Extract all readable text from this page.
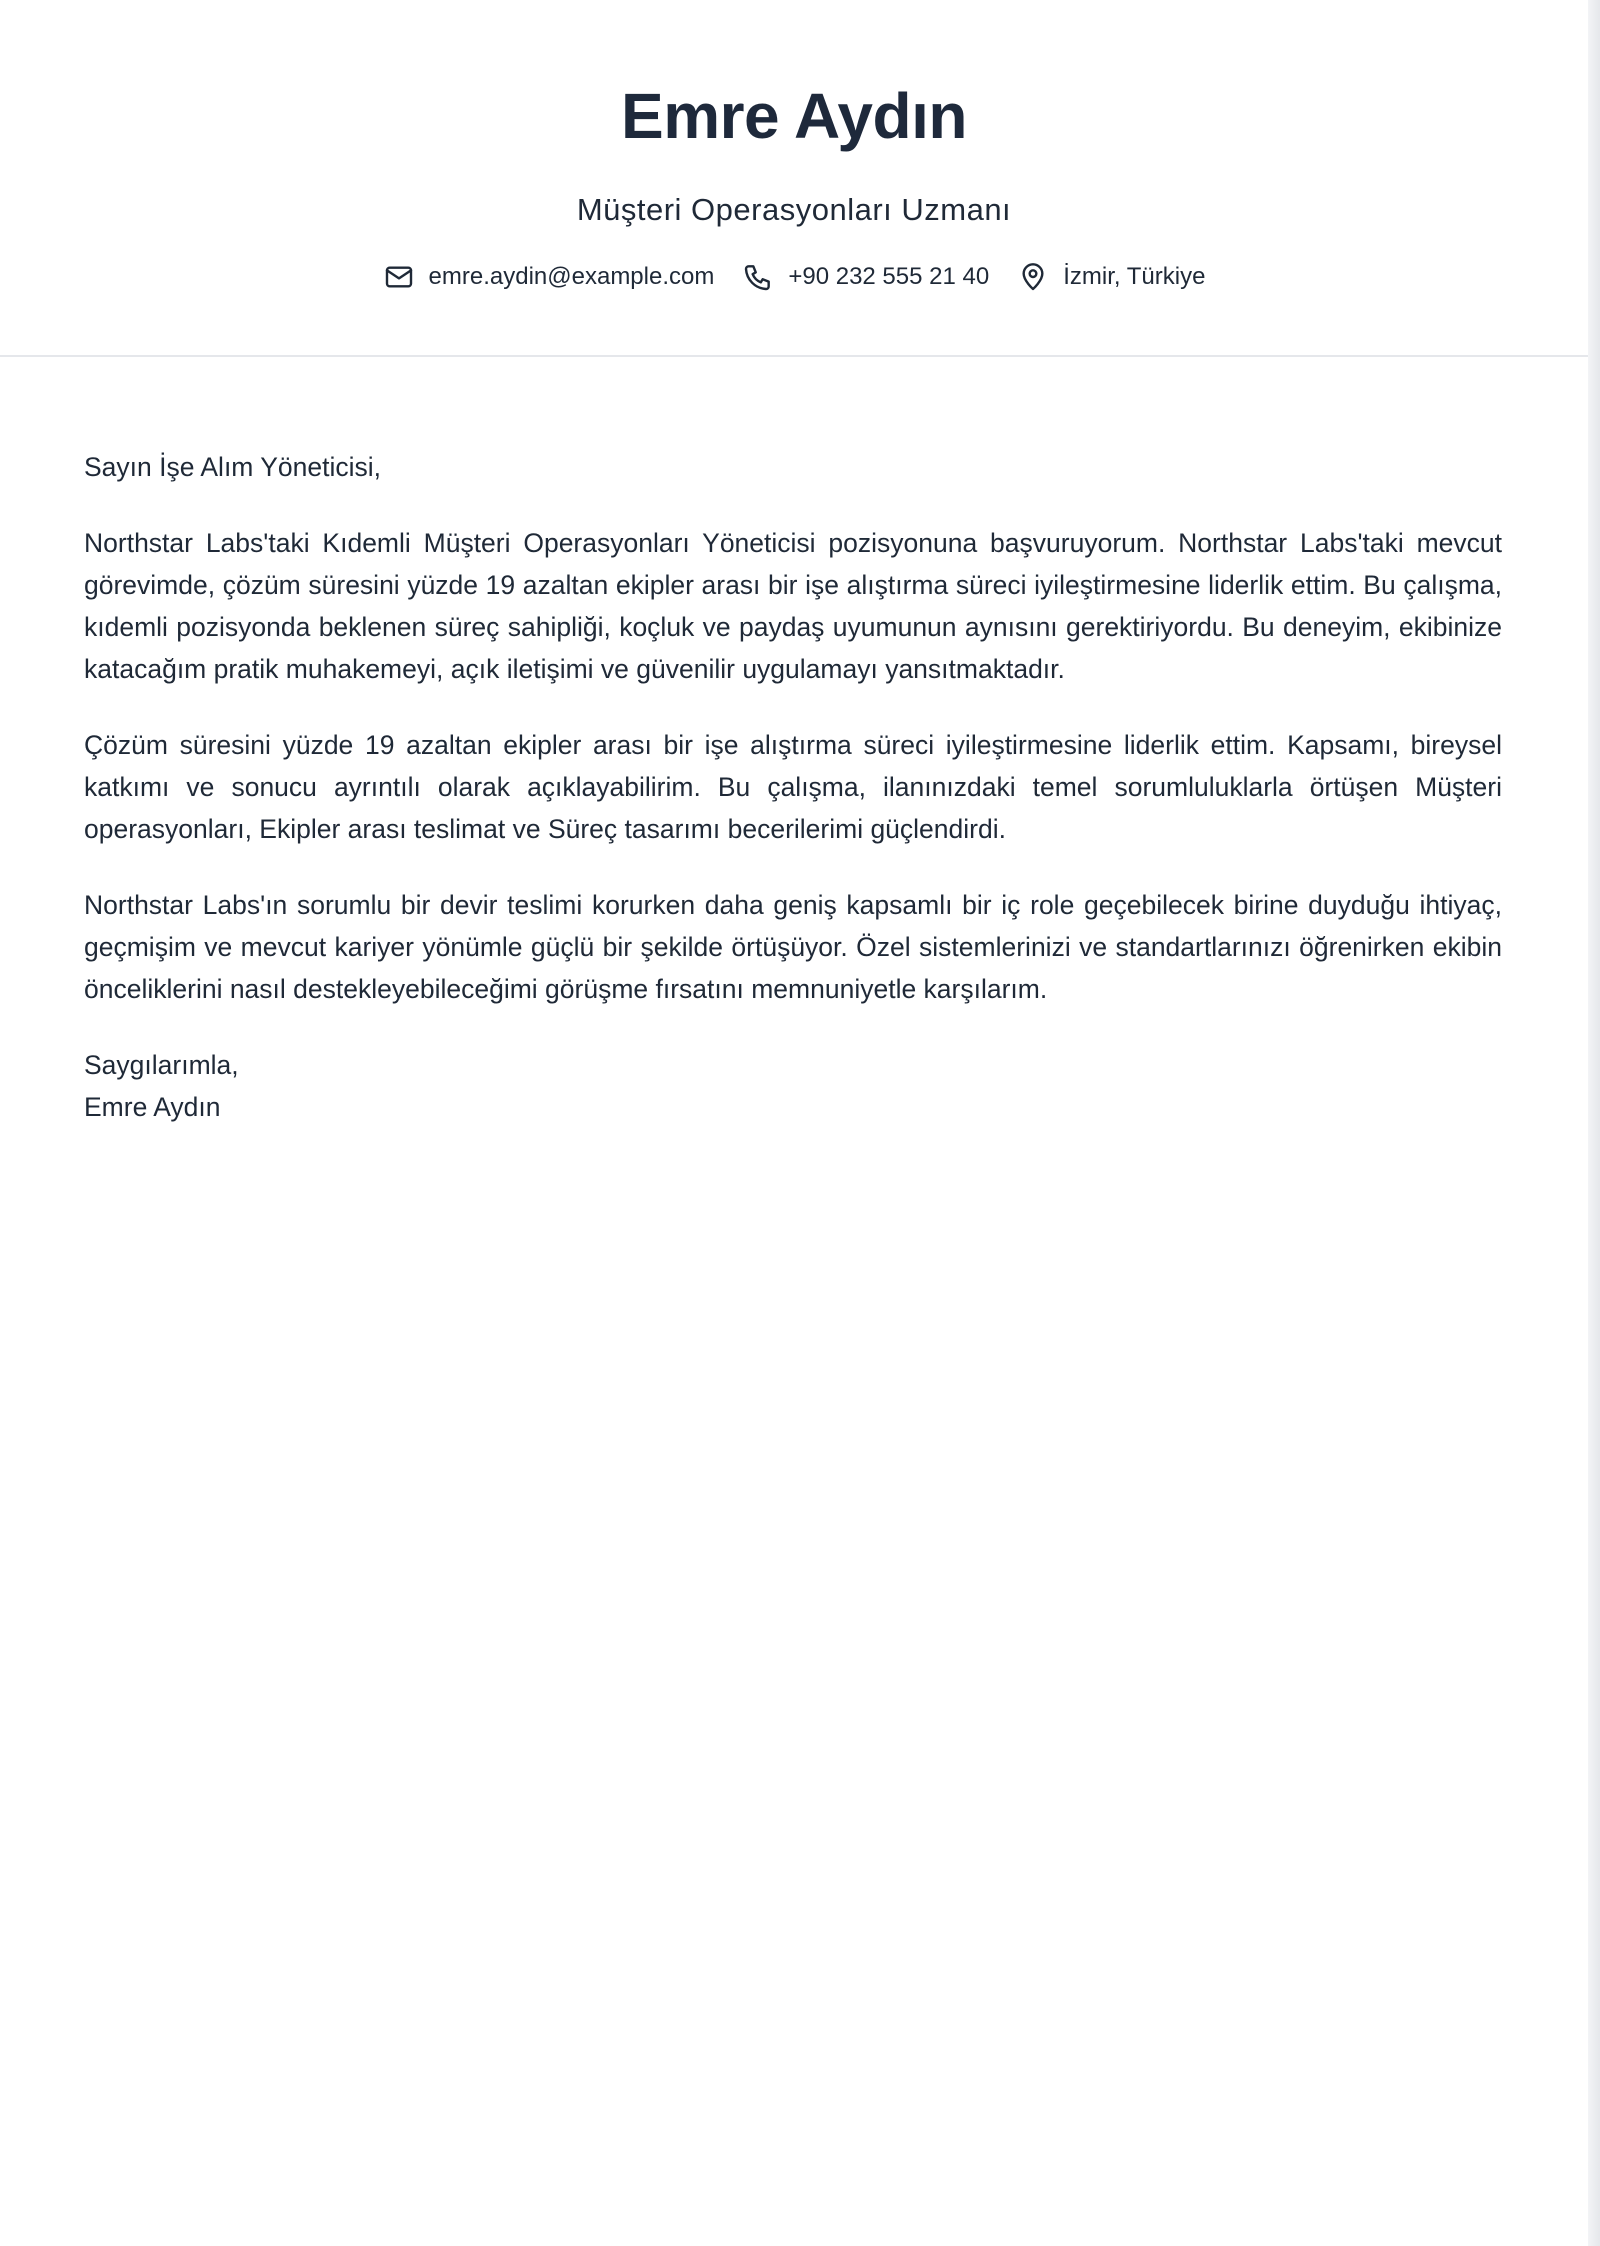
Emre Aydın
Müşteri Operasyonları Uzmanı
emre.aydin@example.com	+90 232 555 21 40	İzmir, Türkiye

Sayın İşe Alım Yöneticisi,

Northstar Labs'taki Kıdemli Müşteri Operasyonları Yöneticisi pozisyonuna başvuruyorum. Northstar Labs'taki mevcut görevimde, çözüm süresini yüzde 19 azaltan ekipler arası bir işe alıştırma süreci iyileştirmesine liderlik ettim. Bu çalışma, kıdemli pozisyonda beklenen süreç sahipliği, koçluk ve paydaş uyumunun aynısını gerektiriyordu. Bu deneyim, ekibinize katacağım pratik muhakemeyi, açık iletişimi ve güvenilir uygulamayı yansıtmaktadır.

Çözüm süresini yüzde 19 azaltan ekipler arası bir işe alıştırma süreci iyileştirmesine liderlik ettim. Kapsamı, bireysel katkımı ve sonucu ayrıntılı olarak açıklayabilirim. Bu çalışma, ilanınızdaki temel sorumluluklarla örtüşen Müşteri operasyonları, Ekipler arası teslimat ve Süreç tasarımı becerilerimi güçlendirdi.

Northstar Labs'ın sorumlu bir devir teslimi korurken daha geniş kapsamlı bir iç role geçebilecek birine duyduğu ihtiyaç, geçmişim ve mevcut kariyer yönümle güçlü bir şekilde örtüşüyor. Özel sistemlerinizi ve standartlarınızı öğrenirken ekibin önceliklerini nasıl destekleyebileceğimi görüşme fırsatını memnuniyetle karşılarım.

Saygılarımla,

Emre Aydın
